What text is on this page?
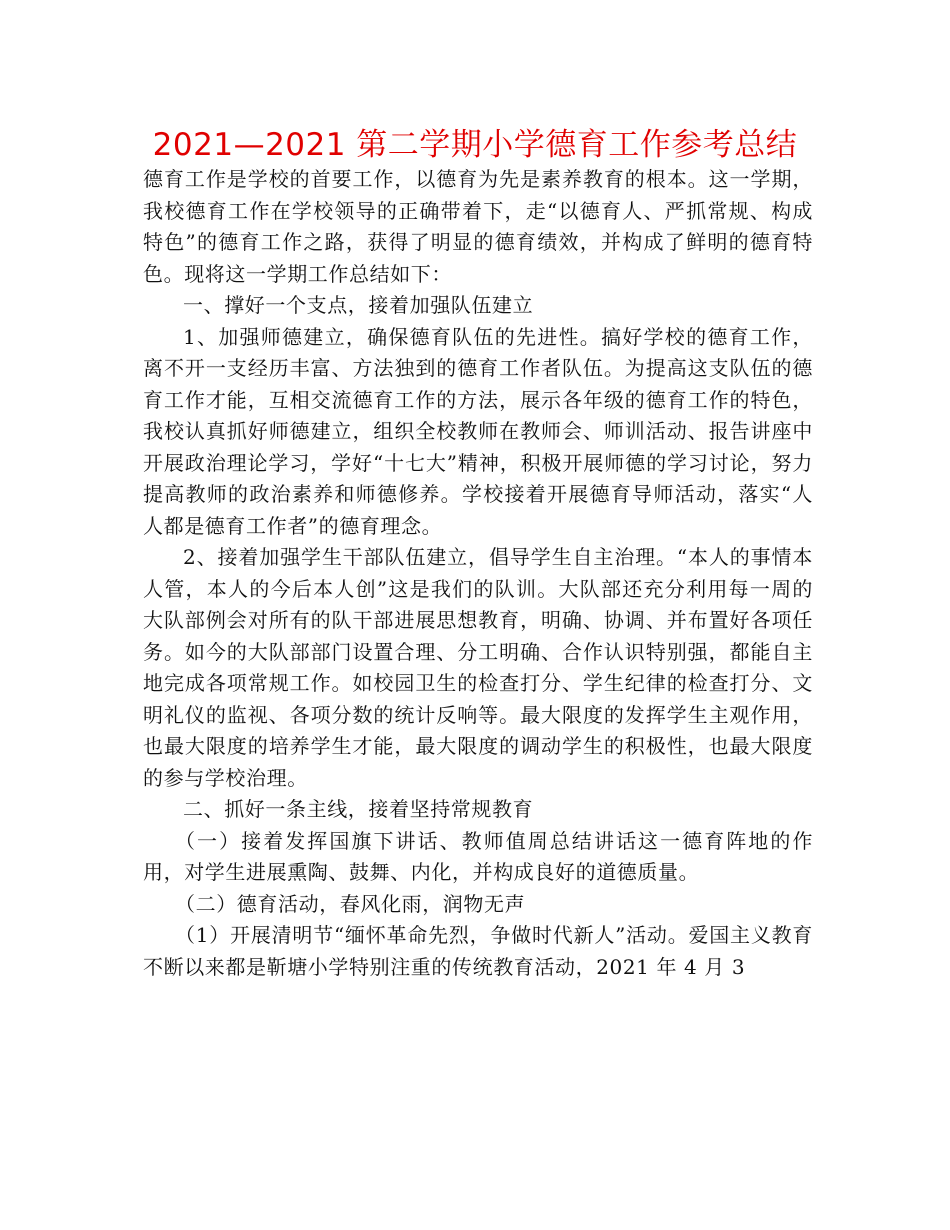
2021—2021 第二学期小学德育工作参考总结

德育工作是学校的首要工作，以德育为先是素养教育的根本。这一学期，我校德育工作在学校领导的正确带着下，走“以德育人、严抓常规、构成特色”的德育工作之路，获得了明显的德育绩效，并构成了鲜明的德育特色。现将这一学期工作总结如下：

一、撑好一个支点，接着加强队伍建立

1、加强师德建立，确保德育队伍的先进性。搞好学校的德育工作，离不开一支经历丰富、方法独到的德育工作者队伍。为提高这支队伍的德育工作才能，互相交流德育工作的方法，展示各年级的德育工作的特色，我校认真抓好师德建立，组织全校教师在教师会、师训活动、报告讲座中开展政治理论学习，学好“十七大”精神，积极开展师德的学习讨论，努力提高教师的政治素养和师德修养。学校接着开展德育导师活动，落实“人人都是德育工作者”的德育理念。

2、接着加强学生干部队伍建立，倡导学生自主治理。“本人的事情本人管，本人的今后本人创”这是我们的队训。大队部还充分利用每一周的大队部例会对所有的队干部进展思想教育，明确、协调、并布置好各项任务。如今的大队部部门设置合理、分工明确、合作认识特别强，都能自主地完成各项常规工作。如校园卫生的检查打分、学生纪律的检查打分、文明礼仪的监视、各项分数的统计反响等。最大限度的发挥学生主观作用，也最大限度的培养学生才能，最大限度的调动学生的积极性，也最大限度的参与学校治理。

二、抓好一条主线，接着坚持常规教育

（一）接着发挥国旗下讲话、教师值周总结讲话这一德育阵地的作用，对学生进展熏陶、鼓舞、内化，并构成良好的道德质量。

（二）德育活动，春风化雨，润物无声

（1）开展清明节“缅怀革命先烈，争做时代新人”活动。爱国主义教育不断以来都是靳塘小学特别注重的传统教育活动，2021 年 4 月 3
